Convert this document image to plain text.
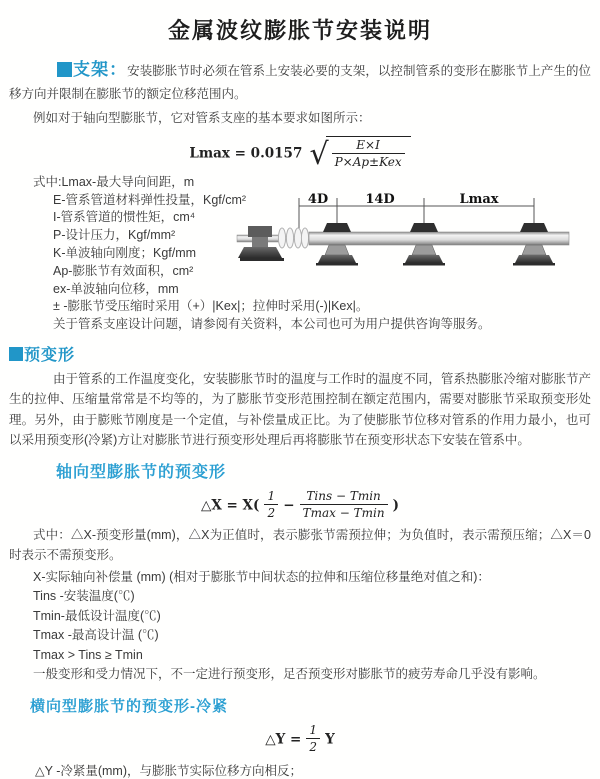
金属波纹膨胀节安装说明

支架：安装膨胀节时必须在管系上安装必要的支架，以控制管系的变形在膨胀节上产生的位移方向并限制在膨胀节的额定位移范围内。

例如对于轴向型膨胀节，它对管系支座的基本要求如图所示：

Lmax = 0.0157 √ $\frac{E\times I}{\text{P×Ap±Kex}}$
式中:Lmax-最大导向间距，m
E-管系管道材料弹性投量，Kgf/cm²
I-管系管道的惯性矩，cm⁴
P-设计压力，Kgf/mm²
K-单波轴向刚度；Kgf/mm
Ap-膨胀节有效面积，cm²
ex-单波轴向位移，mm
± -膨胀节受压缩时采用（+）|Kex|；拉伸时采用(-)|Kex|。
关于管系支座设计问题，请参阅有关资料，本公司也可为用户提供咨询等服务。
4D	14D	Lmax
预变形

由于管系的工作温度变化，安装膨胀节时的温度与工作时的温度不同，管系热膨胀冷缩对膨胀节产生的拉伸、压缩量常常是不均等的，为了膨胀节变形范围控制在额定范围内，需要对膨胀节采取预变形处理。另外，由于膨账节刚度是一个定值，与补偿量成正比。为了使膨胀节位移对管系的作用力最小，也可以采用预变形(冷紧)方让对膨胀节进行预变形处理后再将膨胀节在预变形状态下安装在管系中。

轴向型膨胀节的预变形
△X = $X( \frac{1}{2} - \frac{\text{Tins − Tmin}}{Tmax - Tmin}$ )

式中：△X-预变形量(mm)，△X为正值时，表示膨张节需预拉伸；为负值时，表示需预压缩；△X＝0时表示不需预变形。

X-实际轴向补偿量 (mm) (相对于膨胀节中间状态的拉伸和压缩位移量绝对值之和)：
Tins -安装温度(℃)
Tmin-最低设计温度(℃)
Tmax -最高设计温 (℃)
Tmax > Tins ≥ Tmin

一般变形和受力情况下，不一定进行预变形，足否预变形对膨胀节的疲劳寿命几乎没有影响。

横向型膨胀节的预变形-冷紧
△Y = $\frac{1}{2}$ Y

△Y -冷紧量(mm)，与膨胀节实际位移方向相反；
